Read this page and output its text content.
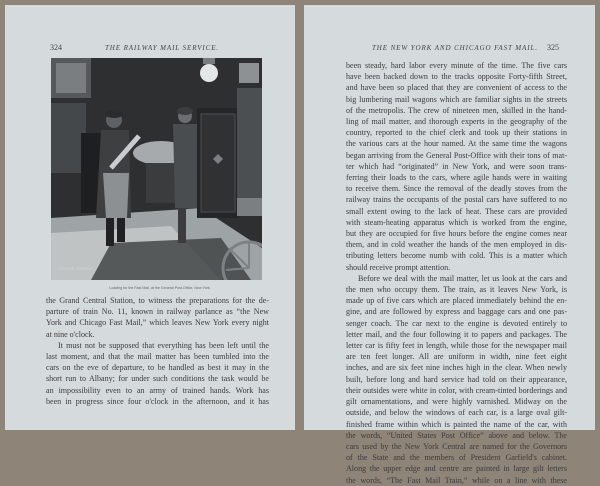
324	THE RAILWAY MAIL SERVICE.
Garnett Jamison
Loading for the Fast Mail, at the General Post-Office, New York.
the Grand Central Station, to witness the preparations for the de-
parture of train No. 11, known in railway parlance as “the New
York and Chicago Fast Mail,” which leaves New York every night
at nine o'clock.
It must not be supposed that everything has been left until the
last moment, and that the mail matter has been tumbled into the
cars on the eve of departure, to be handled as best it may in the
short run to Albany; for under such conditions the task would be
an impossibility even to an army of trained hands. Work has
been in progress since four o'clock in the afternoon, and it has
THE NEW YORK AND CHICAGO FAST MAIL. 325
been steady, hard labor every minute of the time. The five cars
have been backed down to the tracks opposite Forty-fifth Street,
and have been so placed that they are convenient of access to the
big lumbering mail wagons which are familiar sights in the streets
of the metropolis. The crew of nineteen men, skilled in the hand-
ling of mail matter, and thorough experts in the geography of the
country, reported to the chief clerk and took up their stations in
the various cars at the hour named. At the same time the wagons
began arriving from the General Post-Office with their tons of mat-
ter which had “originated” in New York, and were soon trans-
ferring their loads to the cars, where agile hands were in waiting
to receive them. Since the removal of the deadly stoves from the
railway trains the occupants of the postal cars have suffered to no
small extent owing to the lack of heat. These cars are provided
with steam-heating apparatus which is worked from the engine,
but they are occupied for five hours before the engine comes near
them, and in cold weather the hands of the men employed in dis-
tributing letters become numb with cold. This is a matter which
should receive prompt attention.
Before we deal with the mail matter, let us look at the cars and
the men who occupy them. The train, as it leaves New York, is
made up of five cars which are placed immediately behind the en-
gine, and are followed by express and baggage cars and one pas-
senger coach. The car next to the engine is devoted entirely to
letter mail, and the four following it to papers and packages. The
letter car is fifty feet in length, while those for the newspaper mail
are ten feet longer. All are uniform in width, nine feet eight
inches, and are six feet nine inches high in the clear. When newly
built, before long and hard service had told on their appearance,
their outsides were white in color, with cream-tinted borderings and
gilt ornamentations, and were highly varnished. Midway on the
outside, and below the windows of each car, is a large oval gilt-
finished frame within which is painted the name of the car, with
the words, “United States Post Office” above and below. The
cars used by the New York Central are named for the Governors
of the State and the members of President Garfield's cabinet.
Along the upper edge and centre are painted in large gilt letters
the words, “The Fast Mail Train,” while on a line with these
